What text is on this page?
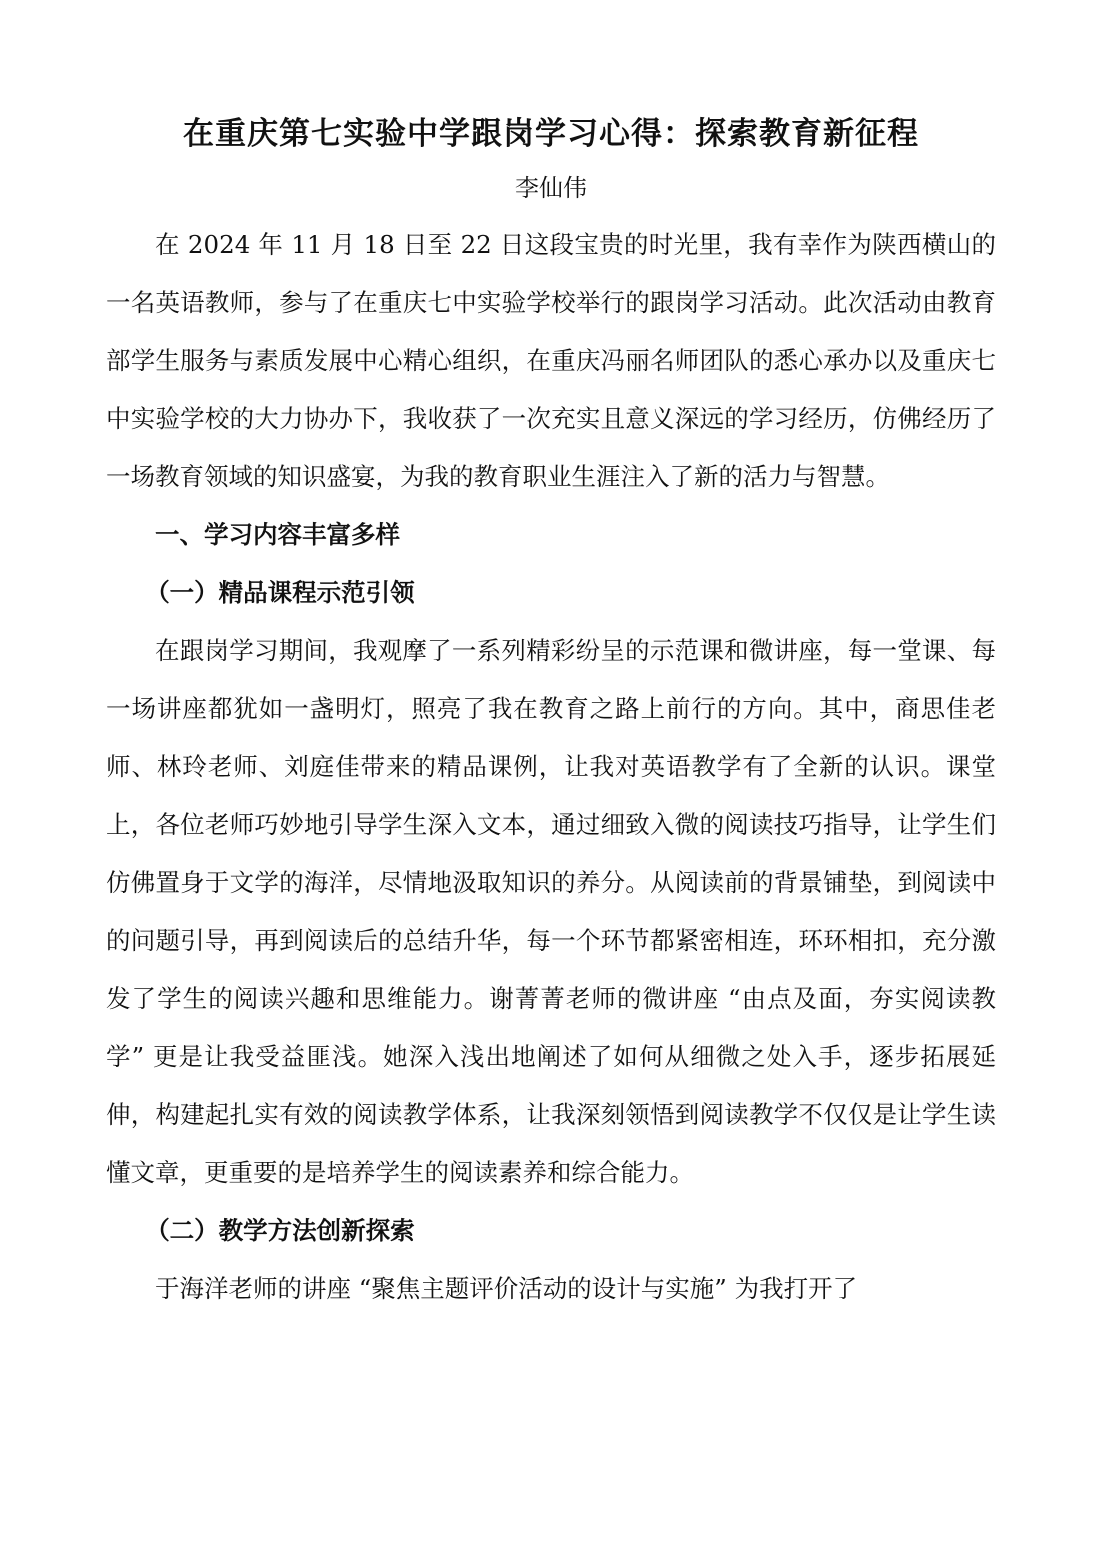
在重庆第七实验中学跟岗学习心得：探索教育新征程

李仙伟

在 2024 年 11 月 18 日至 22 日这段宝贵的时光里，我有幸作为陕西横山的一名英语教师，参与了在重庆七中实验学校举行的跟岗学习活动。此次活动由教育部学生服务与素质发展中心精心组织，在重庆冯丽名师团队的悉心承办以及重庆七中实验学校的大力协办下，我收获了一次充实且意义深远的学习经历，仿佛经历了一场教育领域的知识盛宴，为我的教育职业生涯注入了新的活力与智慧。

一、学习内容丰富多样

（一）精品课程示范引领

在跟岗学习期间，我观摩了一系列精彩纷呈的示范课和微讲座，每一堂课、每一场讲座都犹如一盏明灯，照亮了我在教育之路上前行的方向。其中，商思佳老师、林玲老师、刘庭佳带来的精品课例，让我对英语教学有了全新的认识。课堂上，各位老师巧妙地引导学生深入文本，通过细致入微的阅读技巧指导，让学生们仿佛置身于文学的海洋，尽情地汲取知识的养分。从阅读前的背景铺垫，到阅读中的问题引导，再到阅读后的总结升华，每一个环节都紧密相连，环环相扣，充分激发了学生的阅读兴趣和思维能力。谢菁菁老师的微讲座 “由点及面，夯实阅读教学” 更是让我受益匪浅。她深入浅出地阐述了如何从细微之处入手，逐步拓展延伸，构建起扎实有效的阅读教学体系，让我深刻领悟到阅读教学不仅仅是让学生读懂文章，更重要的是培养学生的阅读素养和综合能力。

（二）教学方法创新探索

于海洋老师的讲座 “聚焦主题评价活动的设计与实施” 为我打开了
